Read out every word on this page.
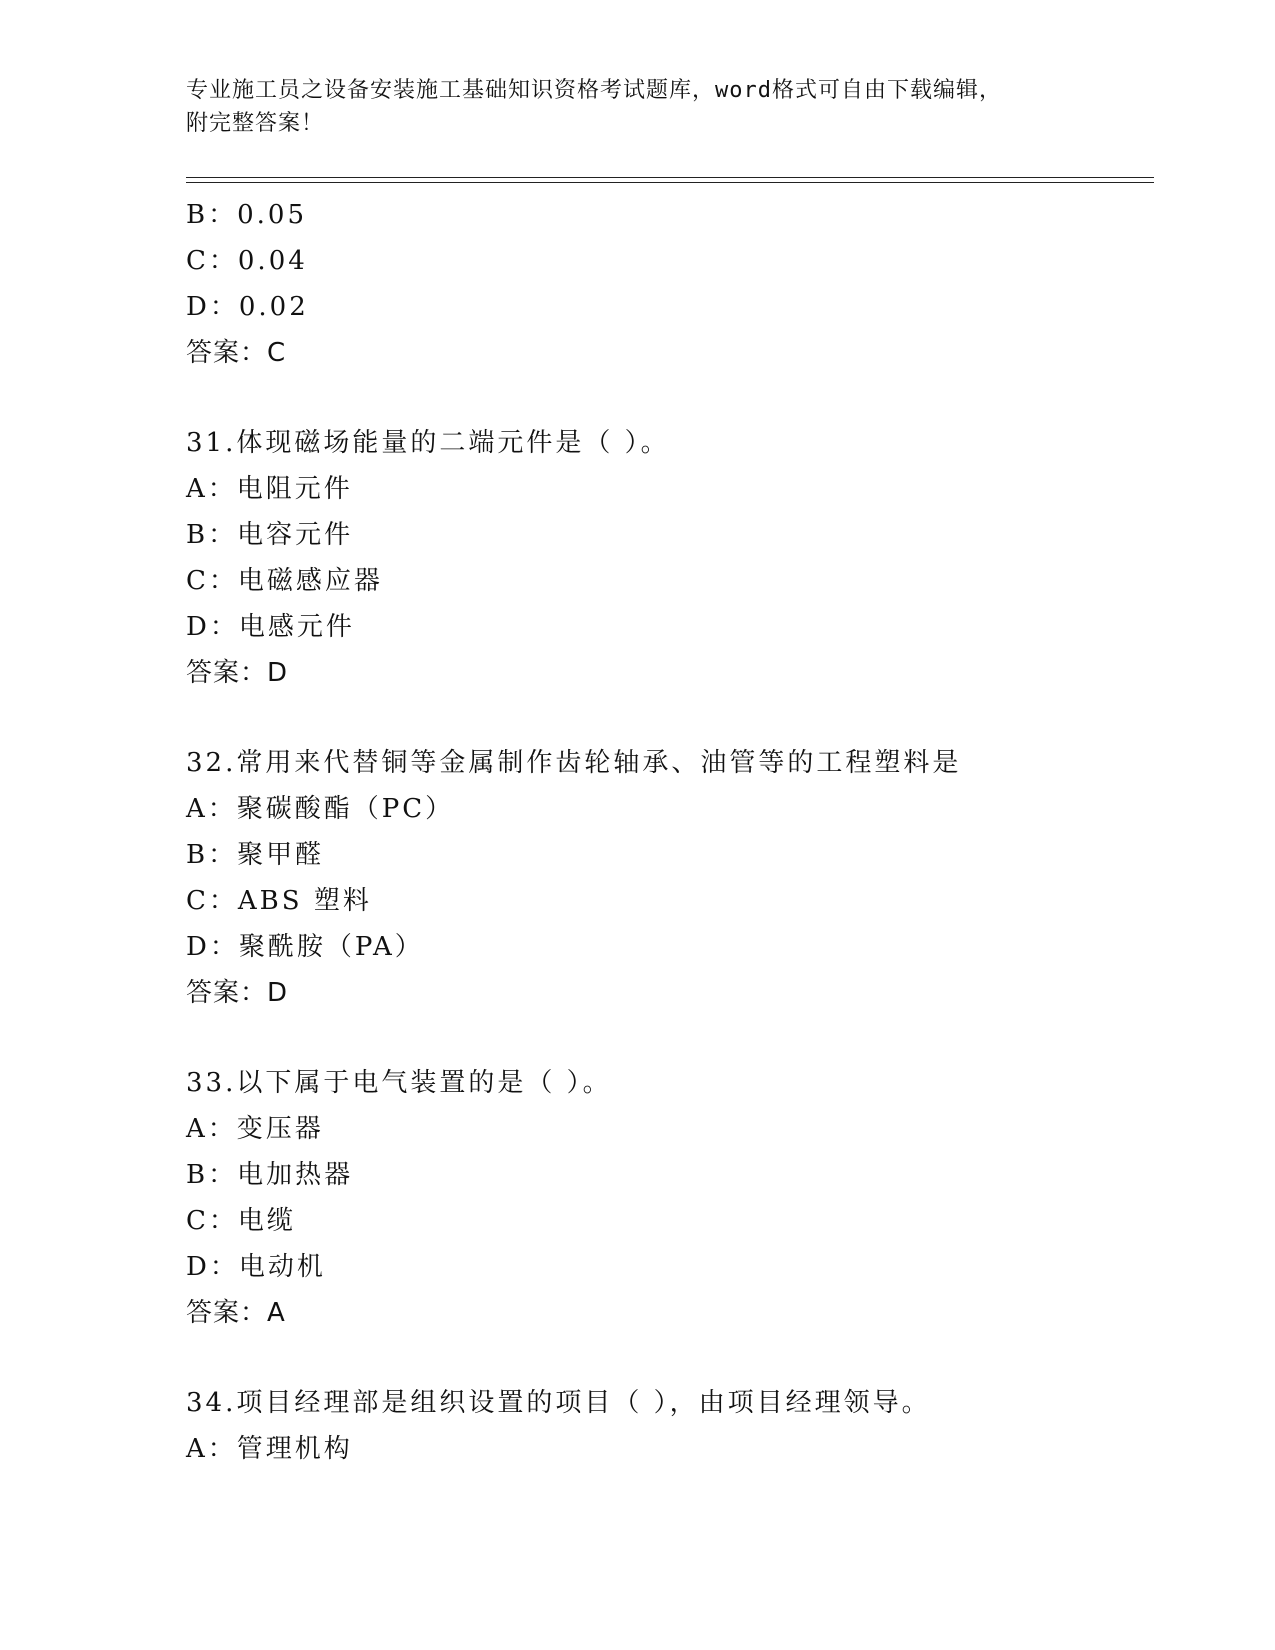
专业施工员之设备安装施工基础知识资格考试题库，word格式可自由下载编辑，
附完整答案！
B：0.05
C：0.04
D：0.02
答案：C
31.体现磁场能量的二端元件是（ ）。
A：电阻元件
B：电容元件
C：电磁感应器
D：电感元件
答案：D
32.常用来代替铜等金属制作齿轮轴承、油管等的工程塑料是
A：聚碳酸酯（PC）
B：聚甲醛
C：ABS 塑料
D：聚酰胺（PA）
答案：D
33.以下属于电气装置的是（ ）。
A：变压器
B：电加热器
C：电缆
D：电动机
答案：A
34.项目经理部是组织设置的项目（ ），由项目经理领导。
A：管理机构
